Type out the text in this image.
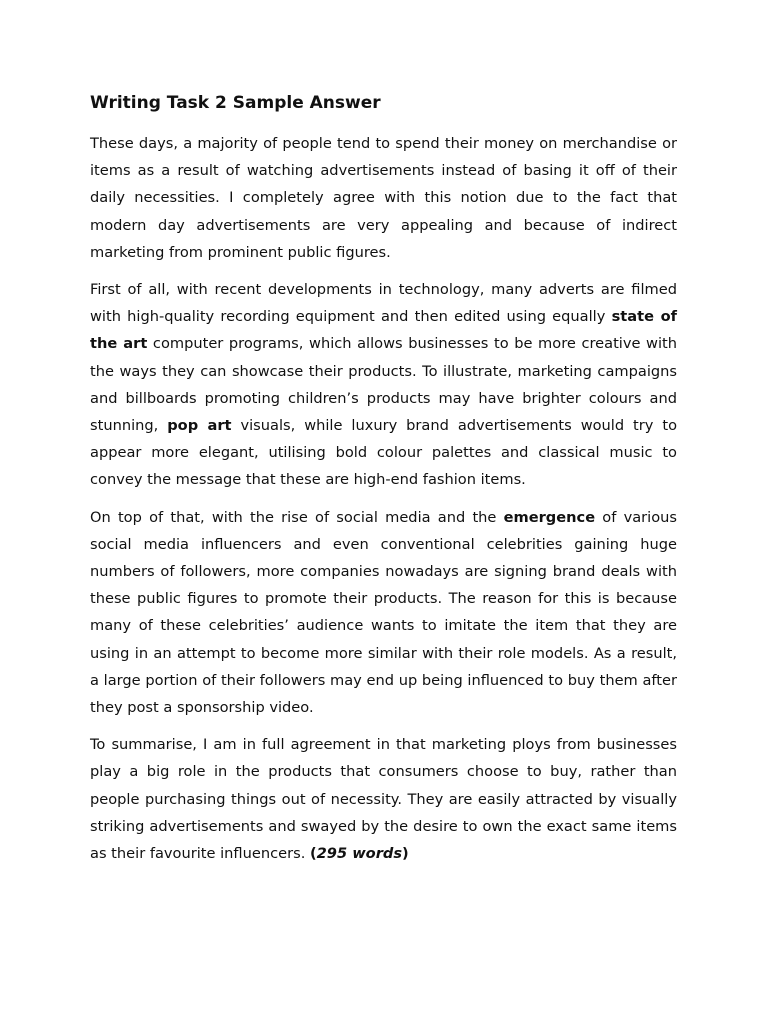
Writing Task 2 Sample Answer

These days, a majority of people tend to spend their money on merchandise or items as a result of watching advertisements instead of basing it off of their daily necessities. I completely agree with this notion due to the fact that modern day advertisements are very appealing and because of indirect marketing from prominent public figures.

First of all, with recent developments in technology, many adverts are filmed with high-quality recording equipment and then edited using equally state of the art computer programs, which allows businesses to be more creative with the ways they can showcase their products. To illustrate, marketing campaigns and billboards promoting children’s products may have brighter colours and stunning, pop art visuals, while luxury brand advertisements would try to appear more elegant, utilising bold colour palettes and classical music to convey the message that these are high-end fashion items.

On top of that, with the rise of social media and the emergence of various social media influencers and even conventional celebrities gaining huge numbers of followers, more companies nowadays are signing brand deals with these public figures to promote their products. The reason for this is because many of these celebrities’ audience wants to imitate the item that they are using in an attempt to become more similar with their role models. As a result, a large portion of their followers may end up being influenced to buy them after they post a sponsorship video.

To summarise, I am in full agreement in that marketing ploys from businesses play a big role in the products that consumers choose to buy, rather than people purchasing things out of necessity. They are easily attracted by visually striking advertisements and swayed by the desire to own the exact same items as their favourite influencers. (295 words)
